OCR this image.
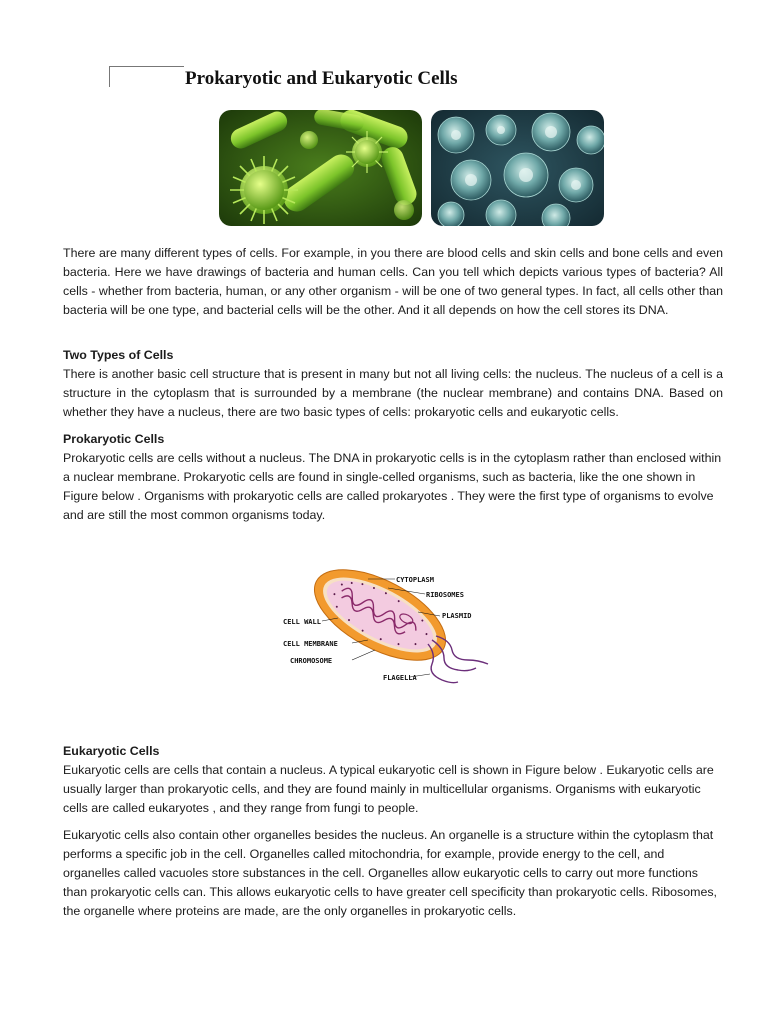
Prokaryotic and Eukaryotic Cells

There are many different types of cells. For example, in you there are blood cells and skin cells and bone cells and even bacteria. Here we have drawings of bacteria and human cells. Can you tell which depicts various types of bacteria? All cells - whether from bacteria, human, or any other organism - will be one of two general types. In fact, all cells other than bacteria will be one type, and bacterial cells will be the other. And it all depends on how the cell stores its DNA.

Two Types of Cells

There is another basic cell structure that is present in many but not all living cells: the nucleus. The nucleus of a cell is a structure in the cytoplasm that is surrounded by a membrane (the nuclear membrane) and contains DNA. Based on whether they have a nucleus, there are two basic types of cells: prokaryotic cells and eukaryotic cells.

Prokaryotic Cells

Prokaryotic cells are cells without a nucleus. The DNA in prokaryotic cells is in the cytoplasm rather than enclosed within a nuclear membrane. Prokaryotic cells are found in single-celled organisms, such as bacteria, like the one shown in Figure below . Organisms with prokaryotic cells are called prokaryotes . They were the first type of organisms to evolve and are still the most common organisms today.

CYTOPLASM
RIBOSOMES
PLASMID
CELL WALL
CELL MEMBRANE
CHROMOSOME
FLAGELLA
Eukaryotic Cells

Eukaryotic cells are cells that contain a nucleus. A typical eukaryotic cell is shown in Figure below . Eukaryotic cells are usually larger than prokaryotic cells, and they are found mainly in multicellular organisms. Organisms with eukaryotic cells are called eukaryotes , and they range from fungi to people.

Eukaryotic cells also contain other organelles besides the nucleus. An organelle is a structure within the cytoplasm that performs a specific job in the cell. Organelles called mitochondria, for example, provide energy to the cell, and organelles called vacuoles store substances in the cell. Organelles allow eukaryotic cells to carry out more functions than prokaryotic cells can. This allows eukaryotic cells to have greater cell specificity than prokaryotic cells. Ribosomes, the organelle where proteins are made, are the only organelles in prokaryotic cells.
